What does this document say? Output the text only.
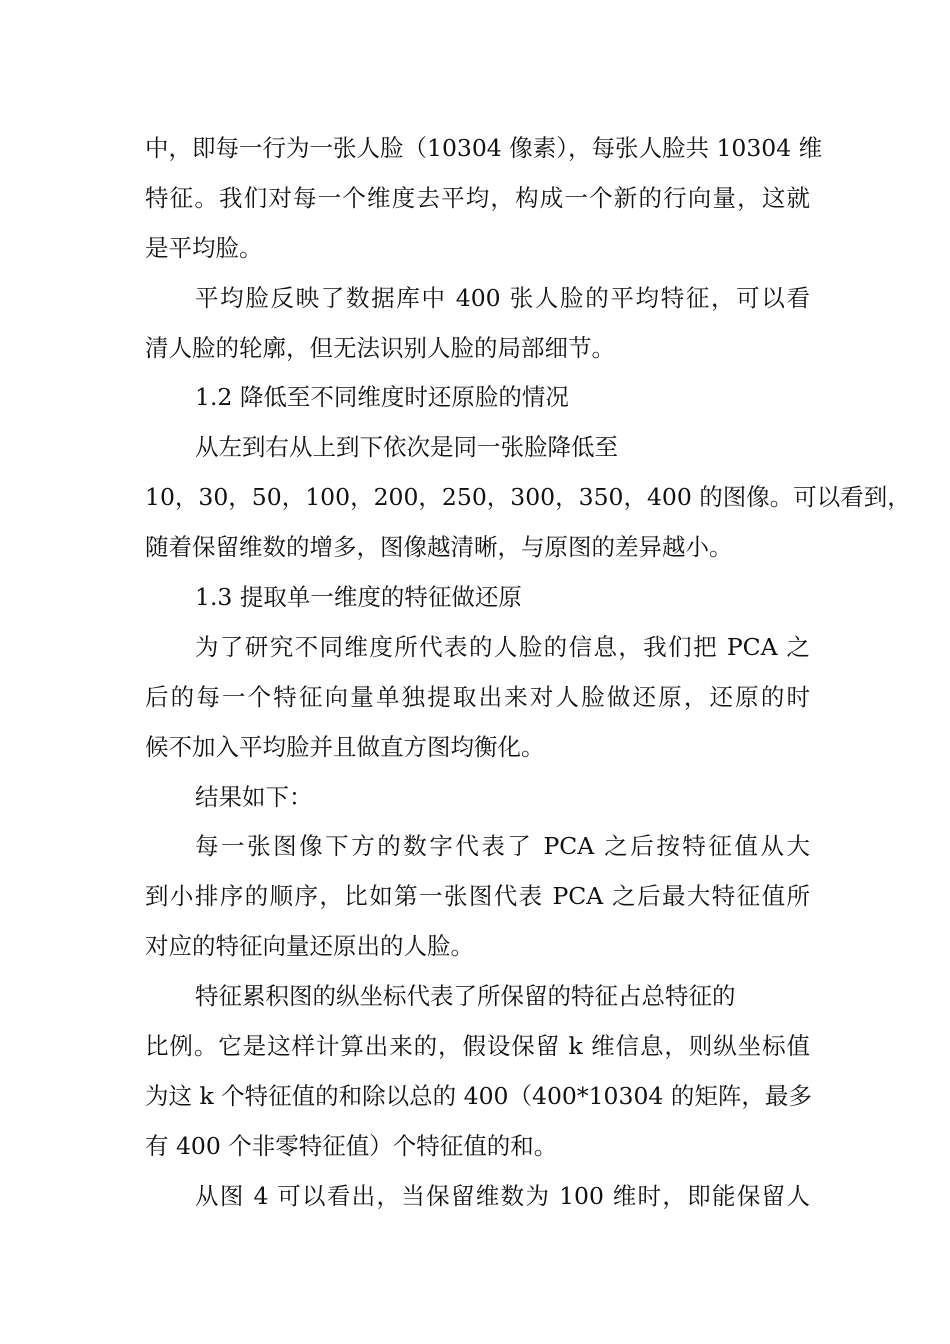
中，即每一行为一张人脸（10304 像素），每张人脸共 10304 维
特征。我们对每一个维度去平均，构成一个新的行向量，这就
是平均脸。
平均脸反映了数据库中 400 张人脸的平均特征，可以看
清人脸的轮廓，但无法识别人脸的局部细节。
1.2 降低至不同维度时还原脸的情况
从左到右从上到下依次是同一张脸降低至
10，30，50，100，200，250，300，350，400 的图像。可以看到，
随着保留维数的增多，图像越清晰，与原图的差异越小。
1.3 提取单一维度的特征做还原
为了研究不同维度所代表的人脸的信息，我们把 PCA 之
后的每一个特征向量单独提取出来对人脸做还原，还原的时
候不加入平均脸并且做直方图均衡化。
结果如下：
每一张图像下方的数字代表了 PCA 之后按特征值从大
到小排序的顺序，比如第一张图代表 PCA 之后最大特征值所
对应的特征向量还原出的人脸。
特征累积图的纵坐标代表了所保留的特征占总特征的
比例。它是这样计算出来的，假设保留 k 维信息，则纵坐标值
为这 k 个特征值的和除以总的 400（400*10304 的矩阵，最多
有 400 个非零特征值）个特征值的和。
从图 4 可以看出，当保留维数为 100 维时，即能保留人
